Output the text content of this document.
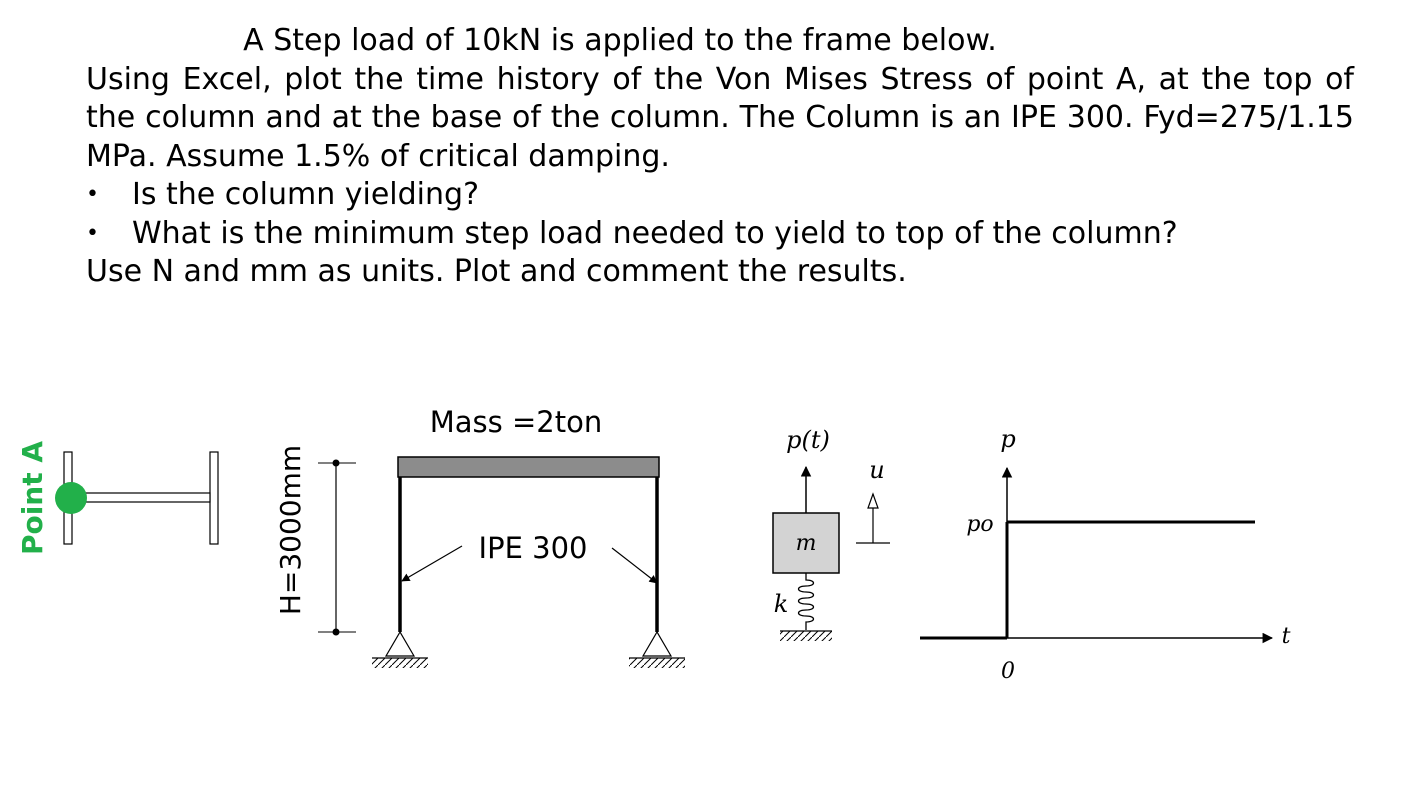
A Step load of 10kN is applied to the frame below.
Using Excel, plot the time history of the Von Mises Stress of point A, at the top of the column and at the base of the column. The Column is an IPE 300. Fyd=275/1.15 MPa. Assume 1.5% of critical damping.
• Is the column yielding?
• What is the minimum step load needed to yield to top of the column?
Use N and mm as units. Plot and comment the results.
Point A	H=3000mm
Mass =2ton
IPE 300
p(t)
m
u
k
p
t
0
po
